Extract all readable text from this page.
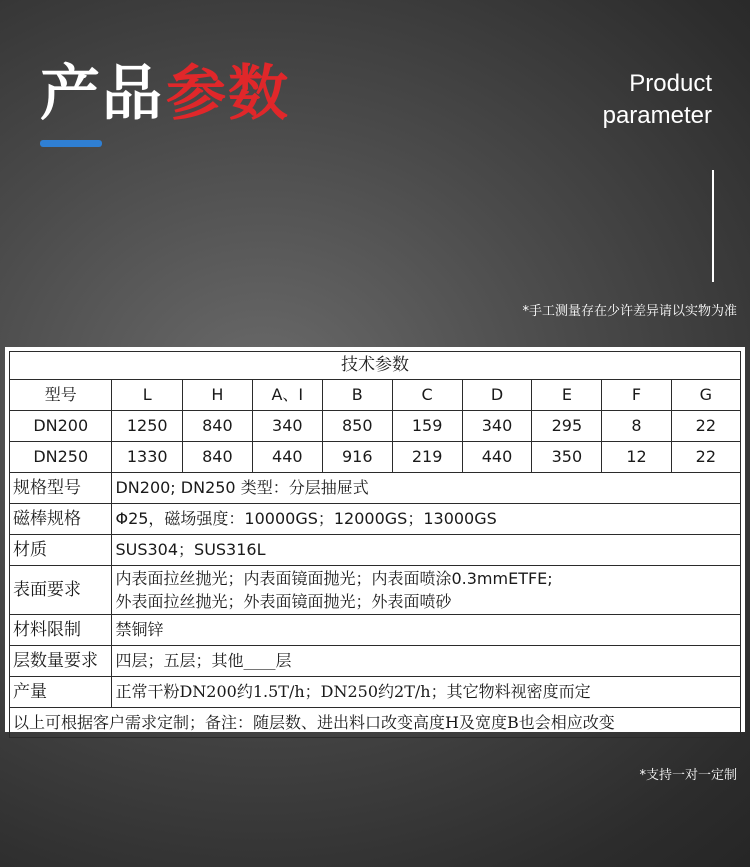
产品参数	Product
parameter
*手工测量存在少许差异请以实物为准
技术参数									
型号	L	H	A、I	B	C	D	E	F	G
DN200	1250	840	340	850	159	340	295	8	22
DN250	1330	840	440	916	219	440	350	12	22
规格型号	DN200; DN250 类型：分层抽屉式								
磁棒规格	Φ25，磁场强度：10000GS；12000GS；13000GS								
材质	SUS304；SUS316L								
表面要求	内表面拉丝抛光；内表面镜面抛光；内表面喷涂0.3mmETFE;
外表面拉丝抛光；外表面镜面抛光；外表面喷砂								

材料限制	禁铜锌								
层数量要求	四层；五层；其他____层								
产量	正常干粉DN200约1.5T/h；DN250约2T/h；其它物料视密度而定								
以上可根据客户需求定制；备注：随层数、进出料口改变高度H及宽度B也会相应改变									
*支持一对一定制
